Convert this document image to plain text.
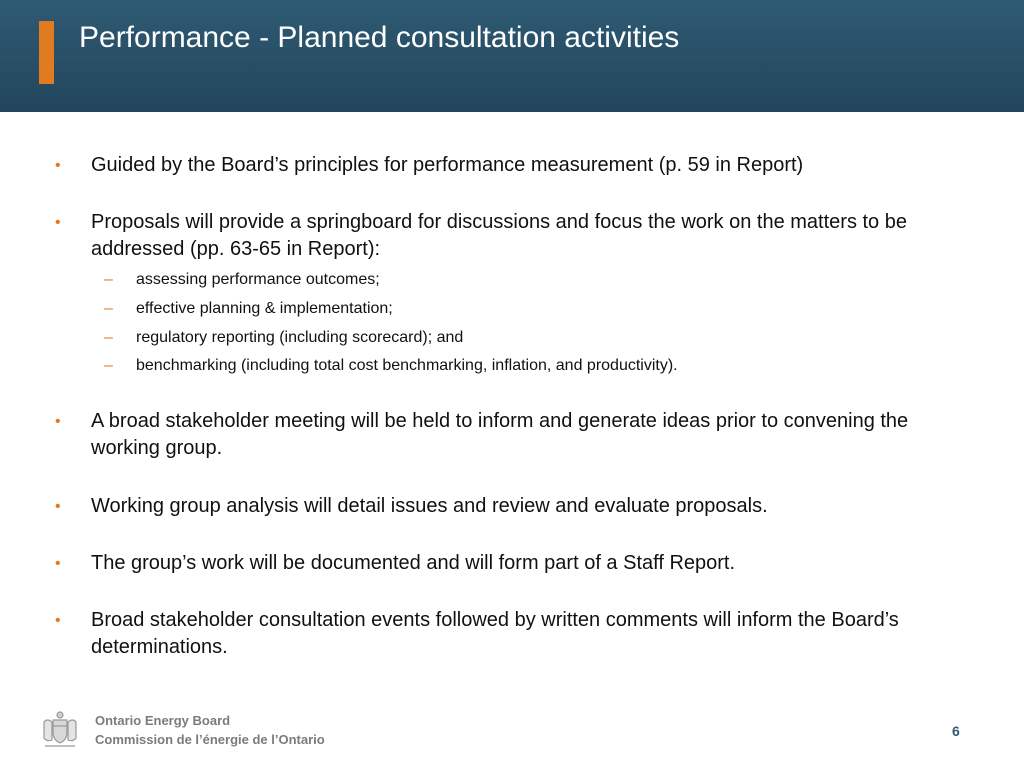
Performance - Planned consultation activities
•	Guided by the Board’s principles for performance measurement (p. 59 in Report)
•	Proposals will provide a springboard for discussions and focus the work on the matters to be addressed (pp. 63-65 in Report):
– assessing performance outcomes;
– effective planning & implementation;
– regulatory reporting (including scorecard); and
– benchmarking (including total cost benchmarking, inflation, and productivity).
•	A broad stakeholder meeting will be held to inform and generate ideas prior to convening the working group.
•	Working group analysis will detail issues and review and evaluate proposals.
•	The group’s work will be documented and will form part of a Staff Report.
•	Broad stakeholder consultation events followed by written comments will inform the Board’s determinations.
Ontario Energy Board
Commission de l’énergie de l’Ontario
6
